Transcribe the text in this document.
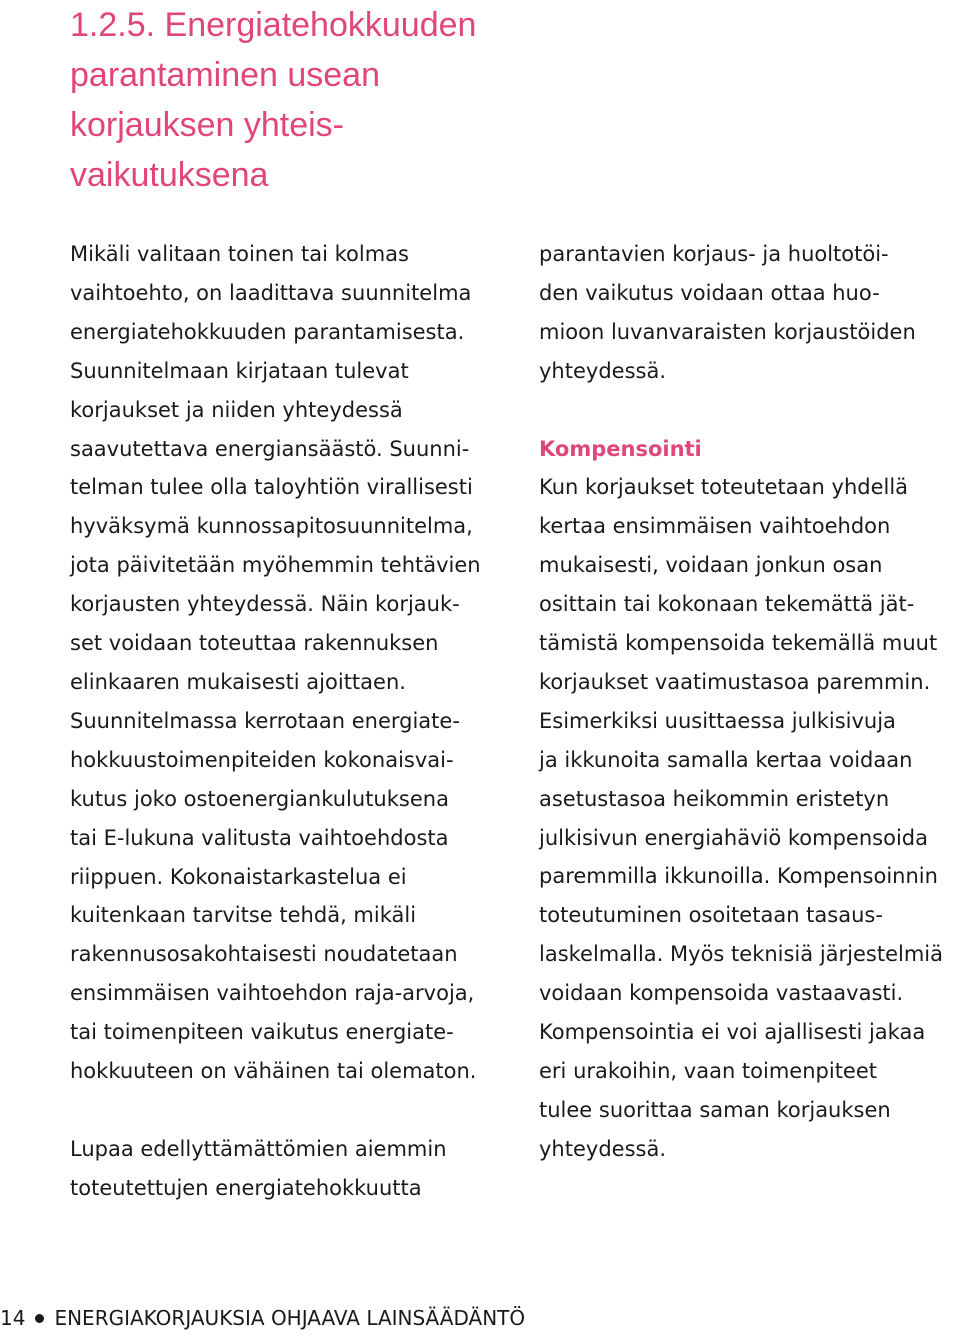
1.2.5. Energiatehokkuuden
parantaminen usean
korjauksen yhteis-
vaikutuksena
Mikäli valitaan toinen tai kolmas
vaihtoehto, on laadittava suunnitelma
energiatehokkuuden parantamisesta.
Suunnitelmaan kirjataan tulevat
korjaukset ja niiden yhteydessä
saavutettava energiansäästö. Suunni-
telman tulee olla taloyhtiön virallisesti
hyväksymä kunnossapitosuunnitelma,
jota päivitetään myöhemmin tehtävien
korjausten yhteydessä. Näin korjauk-
set voidaan toteuttaa rakennuksen
elinkaaren mukaisesti ajoittaen.
Suunnitelmassa kerrotaan energiate-
hokkuustoimenpiteiden kokonaisvai-
kutus joko ostoenergiankulutuksena
tai E-lukuna valitusta vaihtoehdosta
riippuen. Kokonaistarkastelua ei
kuitenkaan tarvitse tehdä, mikäli
rakennusosakohtaisesti noudatetaan
ensimmäisen vaihtoehdon raja-arvoja,
tai toimenpiteen vaikutus energiate-
hokkuuteen on vähäinen tai olematon.
Lupaa edellyttämättömien aiemmin
toteutettujen energiatehokkuutta
parantavien korjaus- ja huoltotöi-
den vaikutus voidaan ottaa huo-
mioon luvanvaraisten korjaustöiden
yhteydessä.
Kompensointi
Kun korjaukset toteutetaan yhdellä
kertaa ensimmäisen vaihtoehdon
mukaisesti, voidaan jonkun osan
osittain tai kokonaan tekemättä jät-
tämistä kompensoida tekemällä muut
korjaukset vaatimustasoa paremmin.
Esimerkiksi uusittaessa julkisivuja
ja ikkunoita samalla kertaa voidaan
asetustasoa heikommin eristetyn
julkisivun energiahäviö kompensoida
paremmilla ikkunoilla. Kompensoinnin
toteutuminen osoitetaan tasaus-
laskelmalla. Myös teknisiä järjestelmiä
voidaan kompensoida vastaavasti.
Kompensointia ei voi ajallisesti jakaa
eri urakoihin, vaan toimenpiteet
tulee suorittaa saman korjauksen
yhteydessä.
14 ENERGIAKORJAUKSIA OHJAAVA LAINSÄÄDÄNTÖ
